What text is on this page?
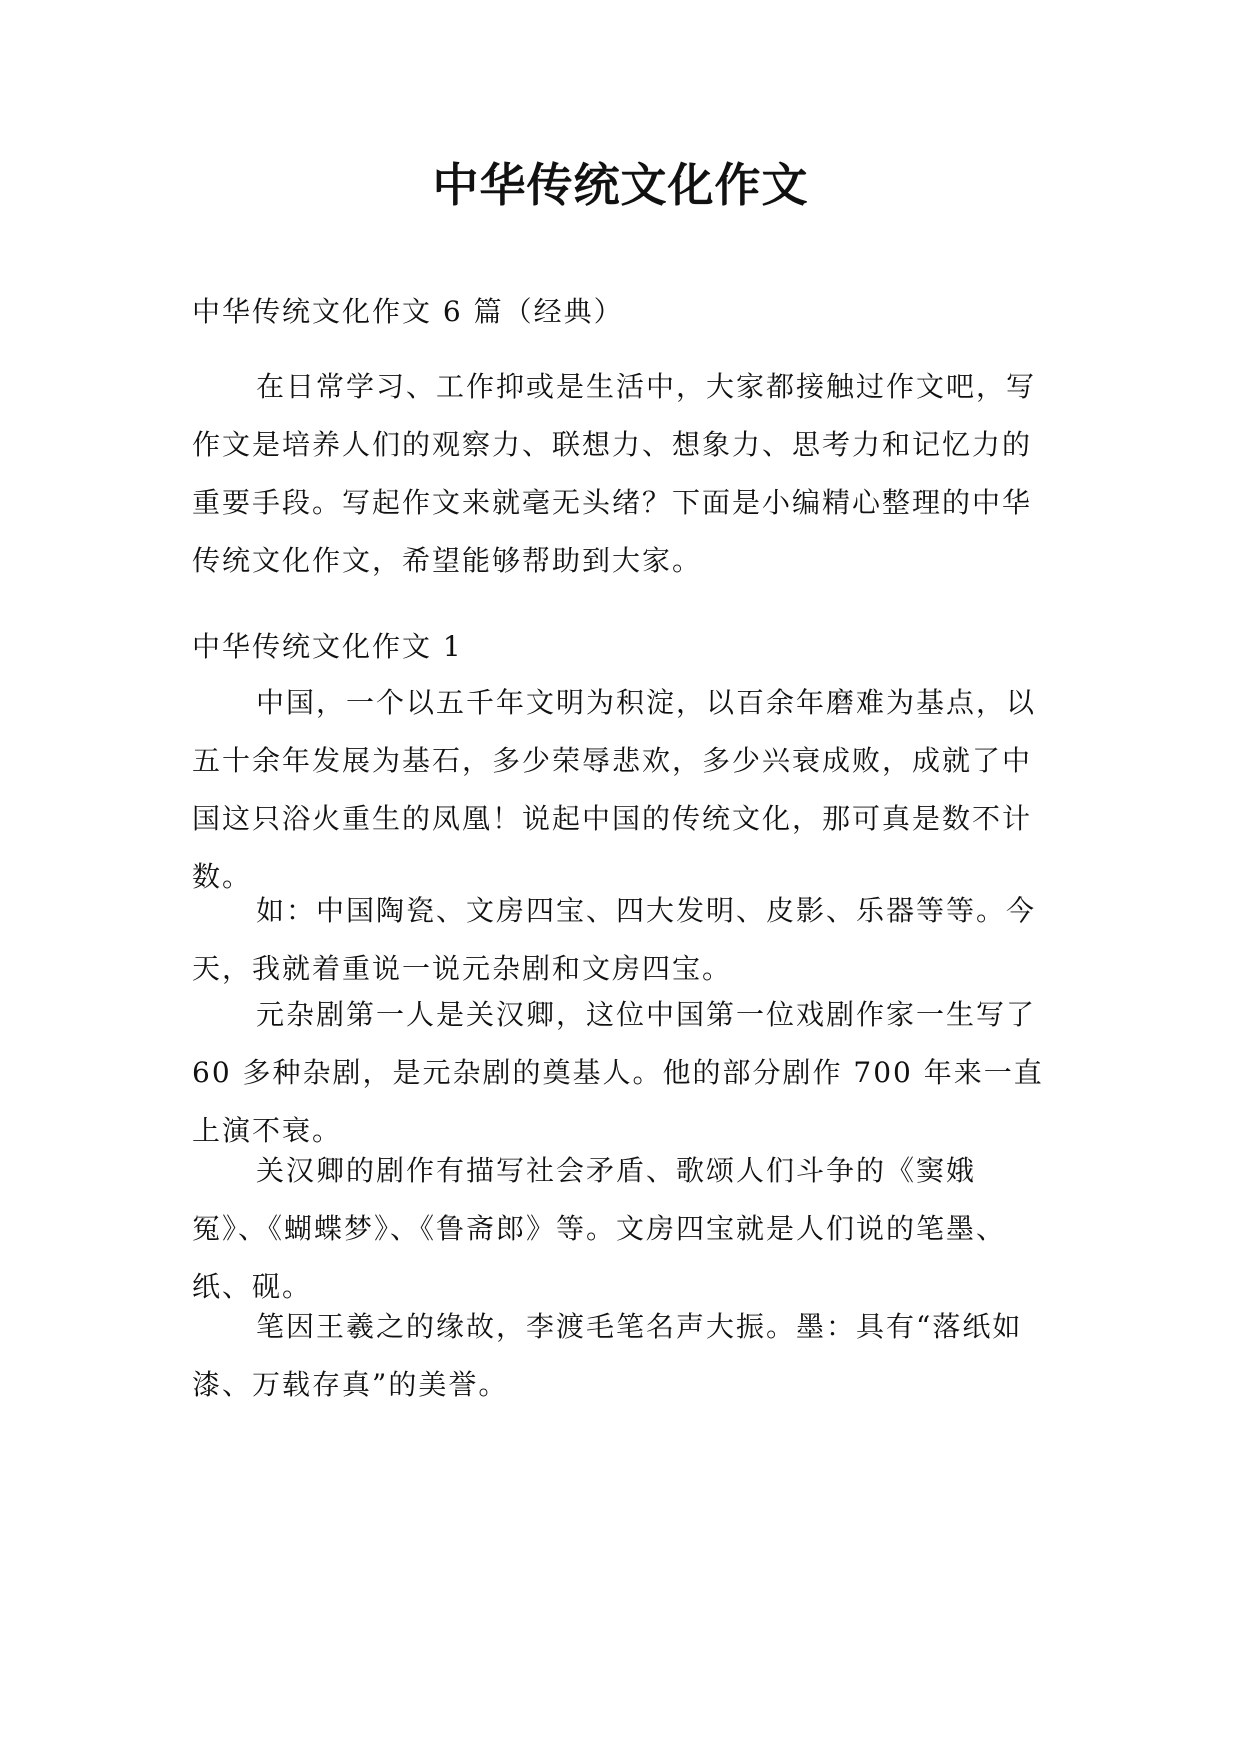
中华传统文化作文

中华传统文化作文 6 篇（经典）

在日常学习、工作抑或是生活中，大家都接触过作文吧，写作文是培养人们的观察力、联想力、想象力、思考力和记忆力的重要手段。写起作文来就毫无头绪？下面是小编精心整理的中华传统文化作文，希望能够帮助到大家。

中华传统文化作文 1

中国，一个以五千年文明为积淀，以百余年磨难为基点，以五十余年发展为基石，多少荣辱悲欢，多少兴衰成败，成就了中国这只浴火重生的凤凰！说起中国的传统文化，那可真是数不计数。

如：中国陶瓷、文房四宝、四大发明、皮影、乐器等等。今天，我就着重说一说元杂剧和文房四宝。

元杂剧第一人是关汉卿，这位中国第一位戏剧作家一生写了 60 多种杂剧，是元杂剧的奠基人。他的部分剧作 700 年来一直上演不衰。

关汉卿的剧作有描写社会矛盾、歌颂人们斗争的《窦娥冤》、《蝴蝶梦》、《鲁斋郎》等。文房四宝就是人们说的笔墨、纸、砚。

笔因王羲之的缘故，李渡毛笔名声大振。墨：具有“落纸如漆、万载存真”的美誉。
